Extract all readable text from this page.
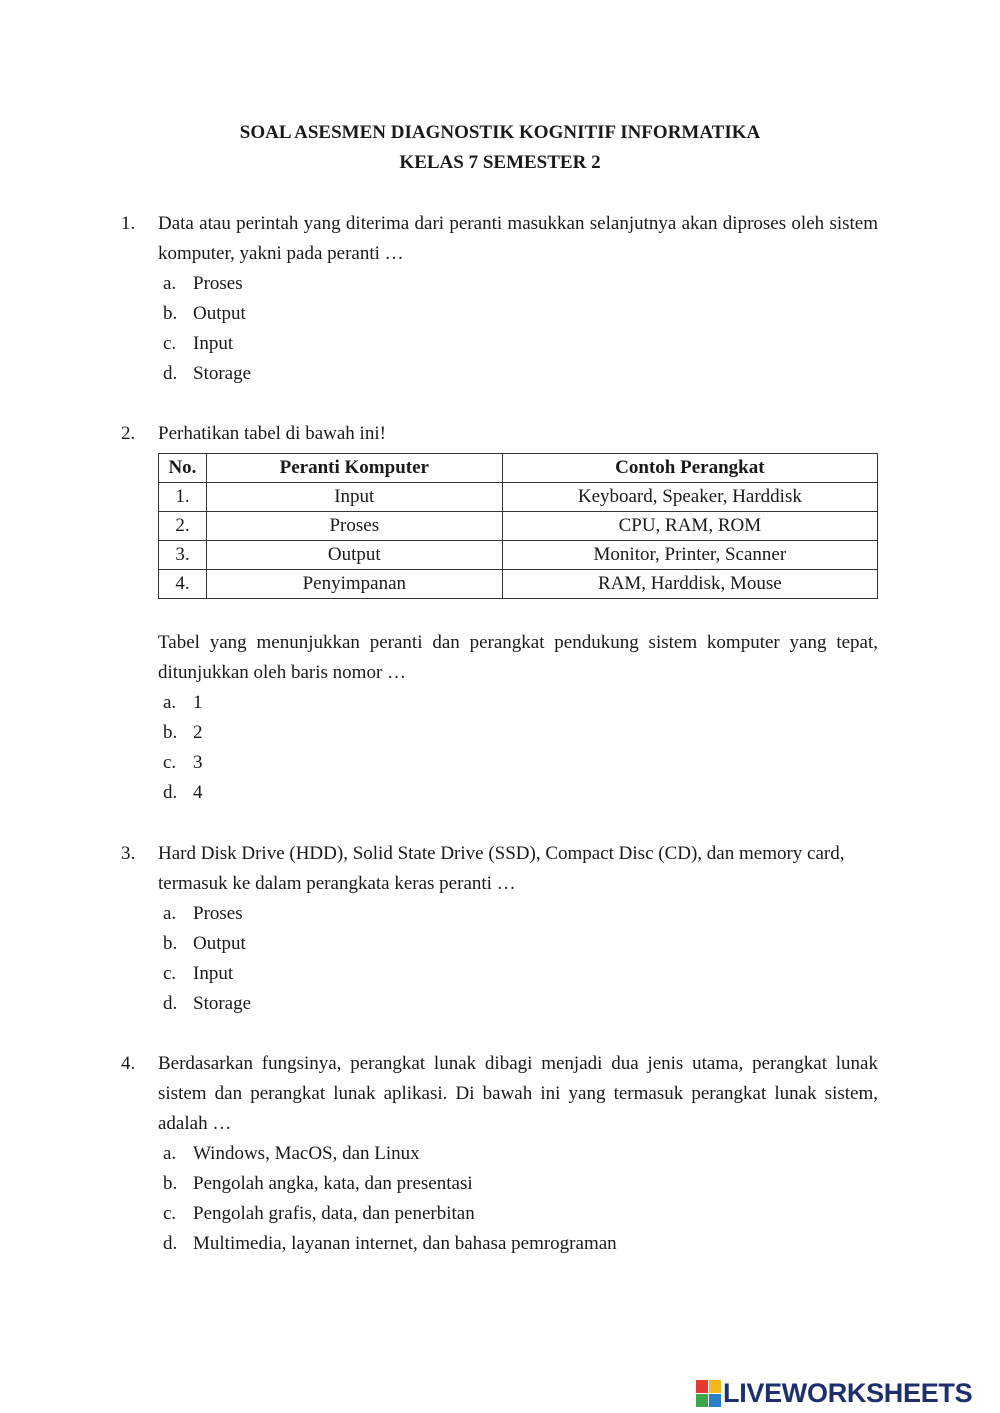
SOAL ASESMEN DIAGNOSTIK KOGNITIF INFORMATIKA
KELAS 7 SEMESTER 2
1. Data atau perintah yang diterima dari peranti masukkan selanjutnya akan diproses oleh sistem komputer, yakni pada peranti …
a. Proses
b. Output
c. Input
d. Storage
2. Perhatikan tabel di bawah ini!
No.	Peranti Komputer	Contoh Perangkat
1.	Input	Keyboard, Speaker, Harddisk
2.	Proses	CPU, RAM, ROM
3.	Output	Monitor, Printer, Scanner
4.	Penyimpanan	RAM, Harddisk, Mouse
Tabel yang menunjukkan peranti dan perangkat pendukung sistem komputer yang tepat, ditunjukkan oleh baris nomor …
a. 1
b. 2
c. 3
d. 4
3. Hard Disk Drive (HDD), Solid State Drive (SSD), Compact Disc (CD), dan memory card, termasuk ke dalam perangkata keras peranti …
a. Proses
b. Output
c. Input
d. Storage
4. Berdasarkan fungsinya, perangkat lunak dibagi menjadi dua jenis utama, perangkat lunak sistem dan perangkat lunak aplikasi. Di bawah ini yang termasuk perangkat lunak sistem, adalah …
a. Windows, MacOS, dan Linux
b. Pengolah angka, kata, dan presentasi
c. Pengolah grafis, data, dan penerbitan
d. Multimedia, layanan internet, dan bahasa pemrograman
LIVEWORKSHEETS
